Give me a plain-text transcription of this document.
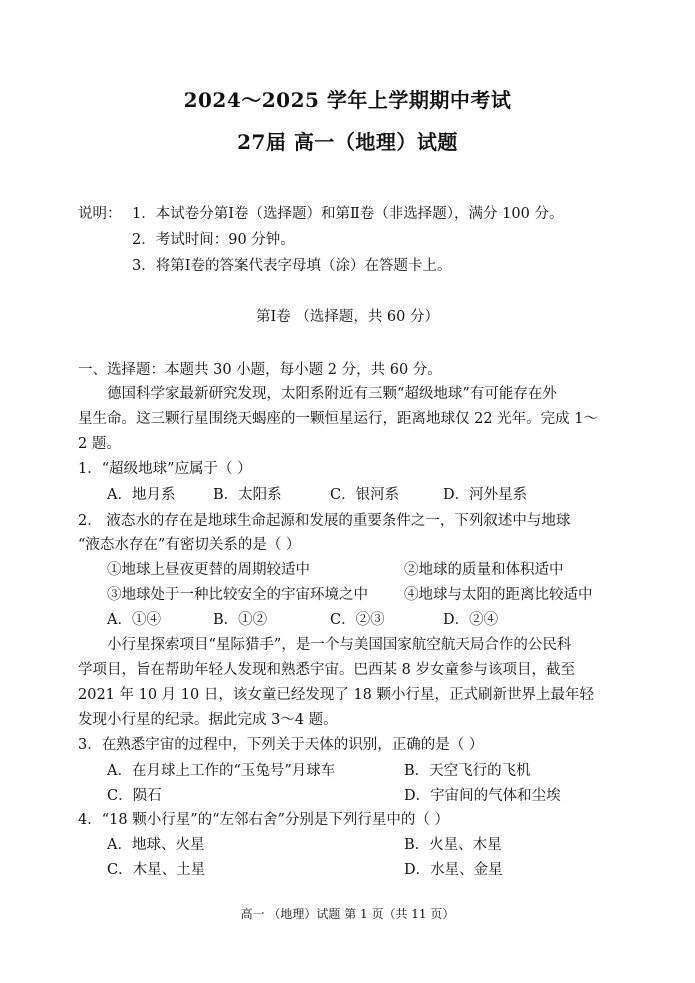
2024～2025 学年上学期期中考试
27届 高一（地理）试题
说明： 1．本试卷分第Ⅰ卷（选择题）和第Ⅱ卷（非选择题），满分 100 分。
2．考试时间：90 分钟。
3．将第Ⅰ卷的答案代表字母填（涂）在答题卡上。
第Ⅰ卷 （选择题，共 60 分）
一、选择题：本题共 30 小题，每小题 2 分，共 60 分。
德国科学家最新研究发现，太阳系附近有三颗“超级地球”有可能存在外
星生命。这三颗行星围绕天蝎座的一颗恒星运行，距离地球仅 22 光年。完成 1～
2 题。
1．“超级地球”应属于（ ）
A．地月系	B．太阳系	C．银河系	D．河外星系
2． 液态水的存在是地球生命起源和发展的重要条件之一，下列叙述中与地球
“液态水存在”有密切关系的是（ ）
①地球上昼夜更替的周期较适中	②地球的质量和体积适中
③地球处于一种比较安全的宇宙环境之中 ④地球与太阳的距离比较适中
A．①④	B．①②	C．②③	D．②④
小行星探索项目“星际猎手”，是一个与美国国家航空航天局合作的公民科
学项目，旨在帮助年轻人发现和熟悉宇宙。巴西某 8 岁女童参与该项目，截至
2021 年 10 月 10 日，该女童已经发现了 18 颗小行星，正式刷新世界上最年轻
发现小行星的纪录。据此完成 3～4 题。
3．在熟悉宇宙的过程中，下列关于天体的识别，正确的是（ ）
A．在月球上工作的“玉兔号”月球车	B．天空飞行的飞机
C．陨石	D．宇宙间的气体和尘埃
4．“18 颗小行星”的“左邻右舍”分别是下列行星中的（ ）
A．地球、火星	B．火星、木星
C．木星、土星	D．水星、金星
高一 （地理）试题 第 1 页（共 11 页）
